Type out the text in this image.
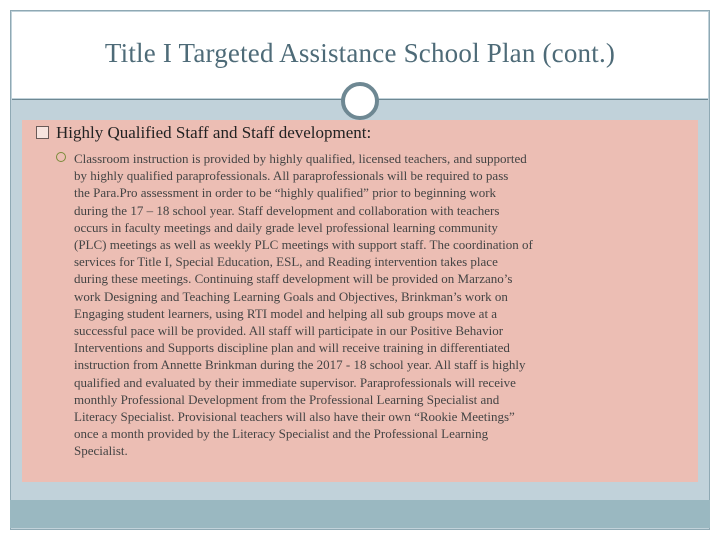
Title I Targeted Assistance School Plan (cont.)
Highly Qualified Staff and Staff development:
Classroom instruction is provided by highly qualified, licensed teachers, and supported
by highly qualified paraprofessionals. All paraprofessionals will be required to pass
the Para.Pro assessment in order to be “highly qualified” prior to beginning work
during the 17 – 18 school year. Staff development and collaboration with teachers
occurs in faculty meetings and daily grade level professional learning community
(PLC) meetings as well as weekly PLC meetings with support staff. The coordination of
services for Title I, Special Education, ESL, and Reading intervention takes place
during these meetings. Continuing staff development will be provided on Marzano’s
work Designing and Teaching Learning Goals and Objectives, Brinkman’s work on
Engaging student learners, using RTI model and helping all sub groups move at a
successful pace will be provided. All staff will participate in our Positive Behavior
Interventions and Supports discipline plan and will receive training in differentiated
instruction from Annette Brinkman during the 2017 - 18 school year. All staff is highly
qualified and evaluated by their immediate supervisor. Paraprofessionals will receive
monthly Professional Development from the Professional Learning Specialist and
Literacy Specialist. Provisional teachers will also have their own “Rookie Meetings”
once a month provided by the Literacy Specialist and the Professional Learning
Specialist.
